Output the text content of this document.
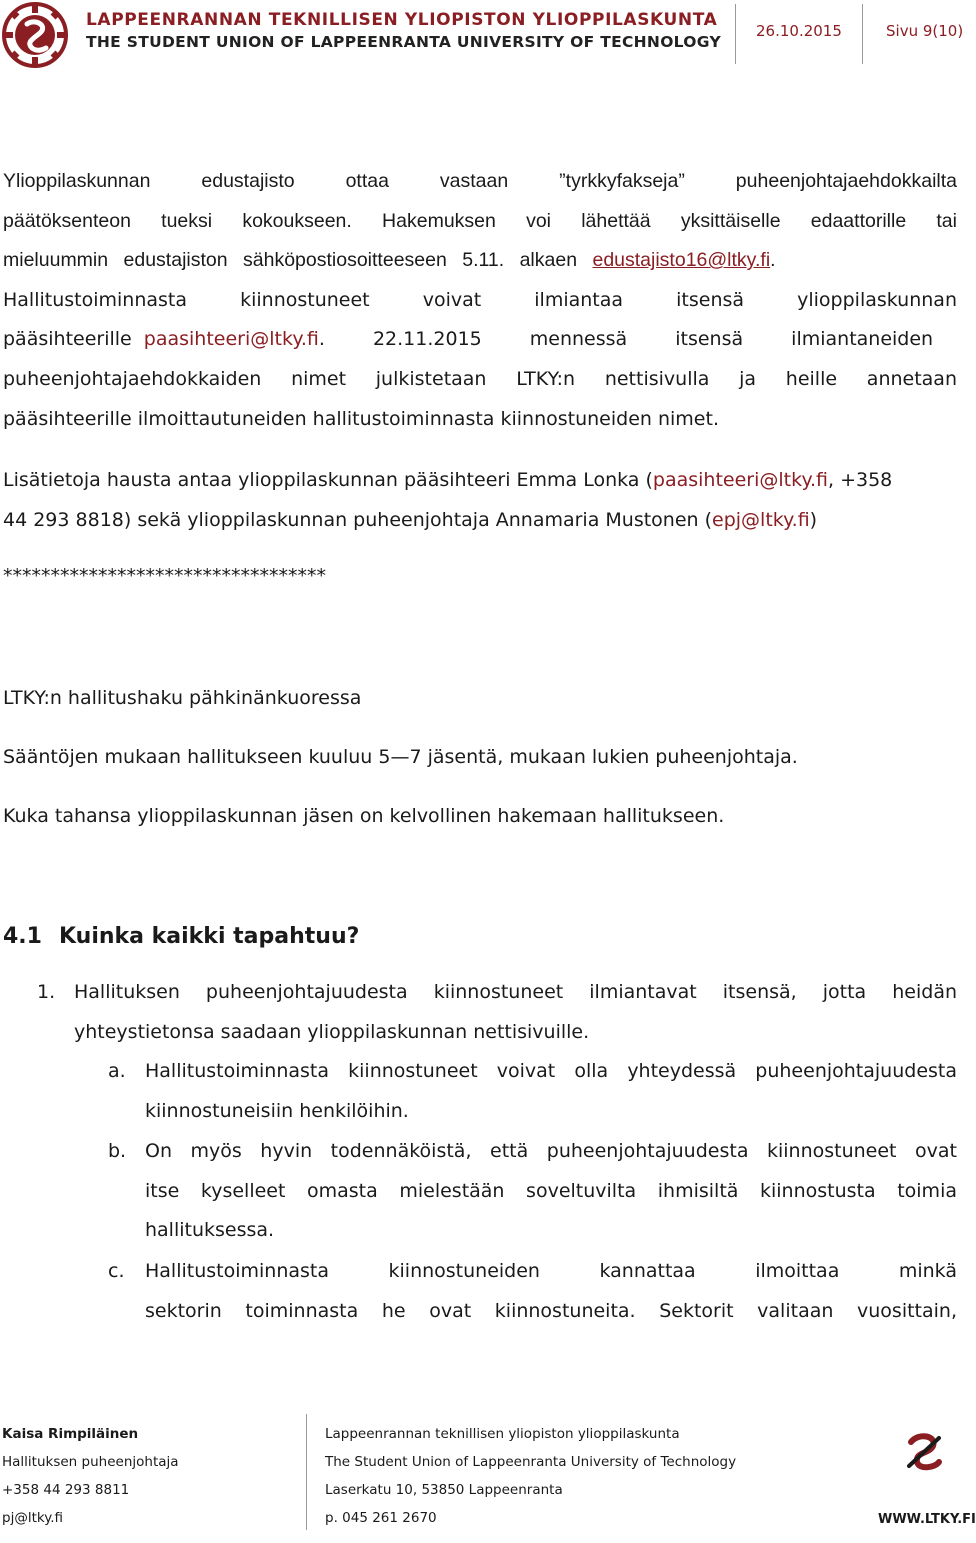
LAPPEENRANNAN TEKNILLISEN YLIOPISTON YLIOPPILASKUNTA
THE STUDENT UNION OF LAPPEENRANTA UNIVERSITY OF TECHNOLOGY
26.10.2015	Sivu 9(10)
Ylioppilaskunnan edustajisto ottaa vastaan ”tyrkkyfakseja” puheenjohtajaehdokkailta
päätöksenteon tueksi kokoukseen. Hakemuksen voi lähettää yksittäiselle edaattorille tai
mieluummin edustajiston sähköpostiosoitteeseen 5.11. alkaen edustajisto16@ltky.fi.
Hallitustoiminnasta kiinnostuneet voivat ilmiantaa itsensä ylioppilaskunnan
pääsihteerille paasihteeri@ltky.fi. 22.11.2015 mennessä itsensä ilmiantaneiden
puheenjohtajaehdokkaiden nimet julkistetaan LTKY:n nettisivulla ja heille annetaan
pääsihteerille ilmoittautuneiden hallitustoiminnasta kiinnostuneiden nimet.
Lisätietoja hausta antaa ylioppilaskunnan pääsihteeri Emma Lonka (paasihteeri@ltky.fi, +358
44 293 8818) sekä ylioppilaskunnan puheenjohtaja Annamaria Mustonen (epj@ltky.fi)
**********************************
LTKY:n hallitushaku pähkinänkuoressa
Sääntöjen mukaan hallitukseen kuuluu 5—7 jäsentä, mukaan lukien puheenjohtaja.
Kuka tahansa ylioppilaskunnan jäsen on kelvollinen hakemaan hallitukseen.
4.1 Kuinka kaikki tapahtuu?
1. Hallituksen puheenjohtajuudesta kiinnostuneet ilmiantavat itsensä, jotta heidän
yhteystietonsa saadaan ylioppilaskunnan nettisivuille.
a. Hallitustoiminnasta kiinnostuneet voivat olla yhteydessä puheenjohtajuudesta
kiinnostuneisiin henkilöihin.
b. On myös hyvin todennäköistä, että puheenjohtajuudesta kiinnostuneet ovat
itse kyselleet omasta mielestään soveltuvilta ihmisiltä kiinnostusta toimia
hallituksessa.
c. Hallitustoiminnasta kiinnostuneiden kannattaa ilmoittaa minkä
sektorin toiminnasta he ovat kiinnostuneita. Sektorit valitaan vuosittain,
Kaisa Rimpiläinen
Hallituksen puheenjohtaja
+358 44 293 8811
pj@ltky.fi
Lappeenrannan teknillisen yliopiston ylioppilaskunta
The Student Union of Lappeenranta University of Technology
Laserkatu 10, 53850 Lappeenranta
p. 045 261 2670	WWW.LTKY.FI
